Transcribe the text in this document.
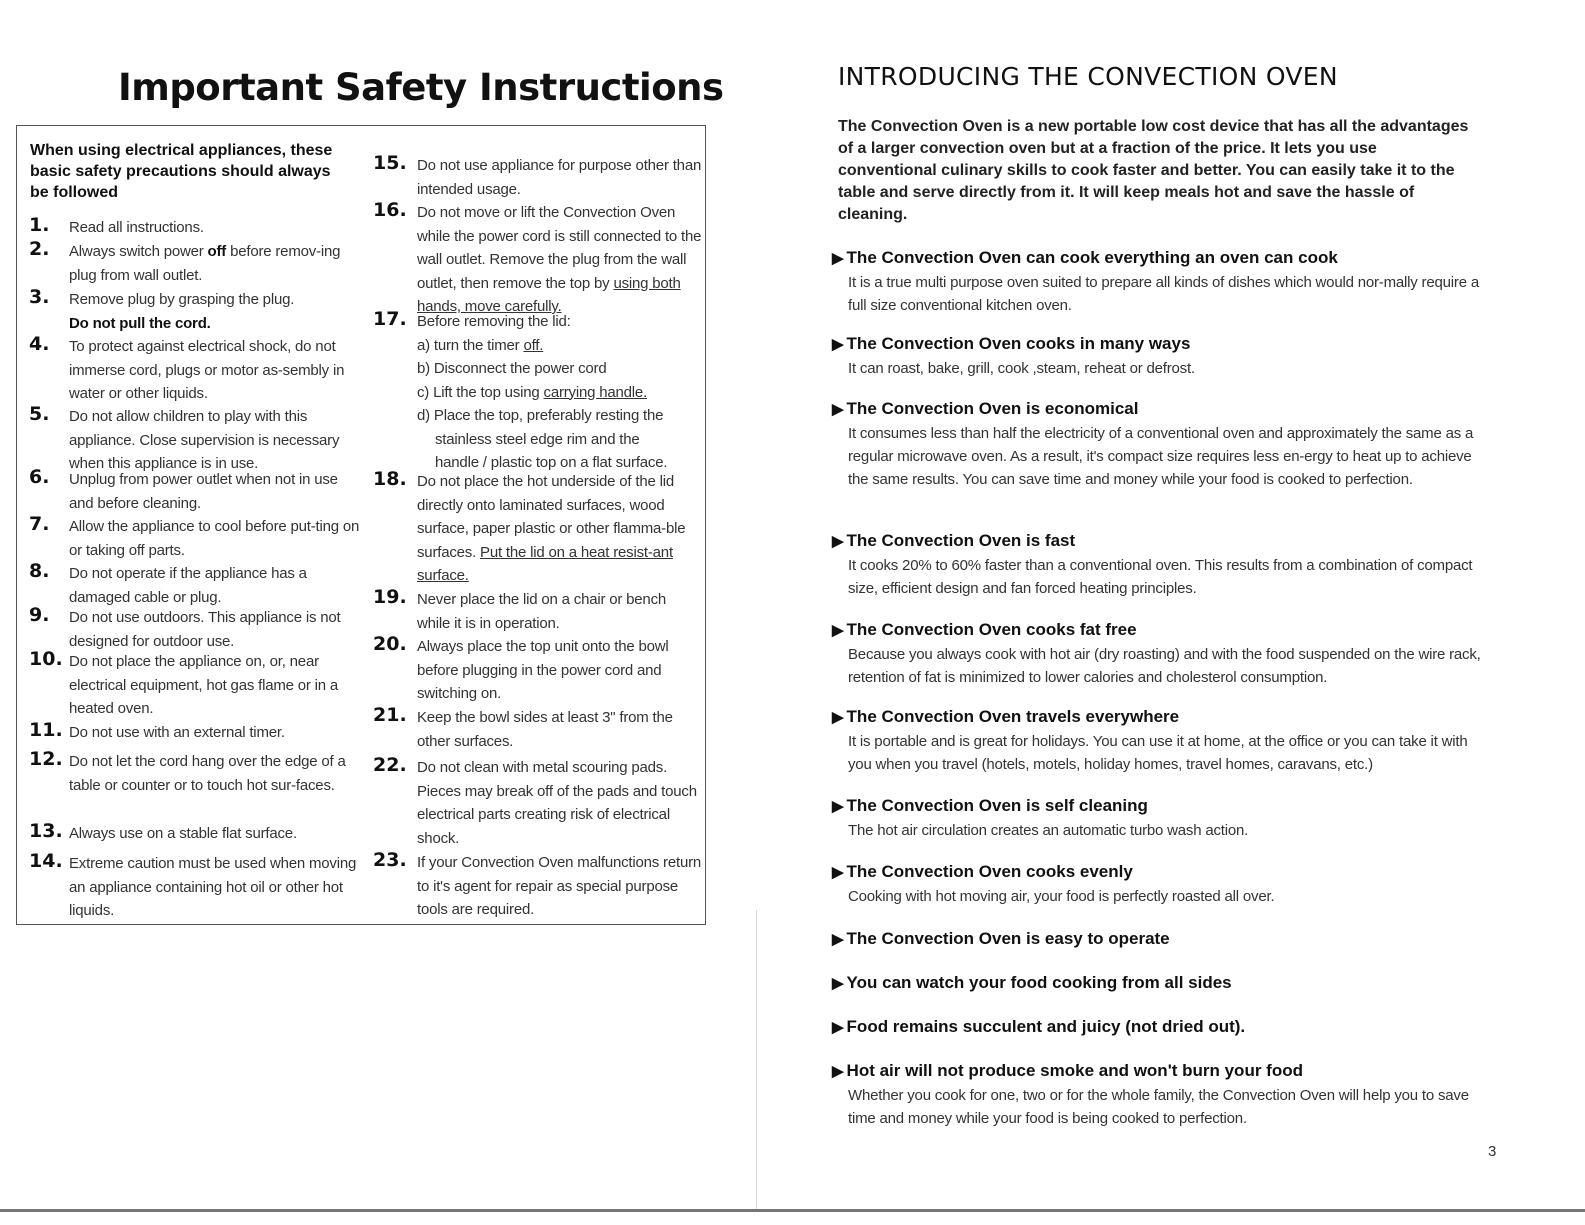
Important Safety Instructions
When using electrical appliances, these basic safety precautions should always be followed
1. Read all instructions.
2. Always switch power off before remov-ing plug from wall outlet.
3. Remove plug by grasping the plug.
Do not pull the cord.
4. To protect against electrical shock, do not immerse cord, plugs or motor as-sembly in water or other liquids.
5. Do not allow children to play with this appliance. Close supervision is necessary when this appliance is in use.
6. Unplug from power outlet when not in use and before cleaning.
7. Allow the appliance to cool before put-ting on or taking off parts.
8. Do not operate if the appliance has a damaged cable or plug.
9. Do not use outdoors. This appliance is not designed for outdoor use.
10. Do not place the appliance on, or, near electrical equipment, hot gas flame or in a heated oven.
11. Do not use with an external timer.
12. Do not let the cord hang over the edge of a table or counter or to touch hot sur-faces.
13. Always use on a stable flat surface.
14. Extreme caution must be used when moving an appliance containing hot oil or other hot liquids.
15. Do not use appliance for purpose other than intended usage.
16. Do not move or lift the Convection Oven while the power cord is still connected to the wall outlet. Remove the plug from the wall outlet, then remove the top by using both hands, move carefully.
17. Before removing the lid:
a) turn the timer off.
b) Disconnect the power cord
c) Lift the top using carrying handle.
d) Place the top, preferably resting the
stainless steel edge rim and the
handle / plastic top on a flat surface.
18. Do not place the hot underside of the lid directly onto laminated surfaces, wood surface, paper plastic or other flamma-ble surfaces. Put the lid on a heat resist-ant surface.
19. Never place the lid on a chair or bench while it is in operation.
20. Always place the top unit onto the bowl before plugging in the power cord and switching on.
21. Keep the bowl sides at least 3" from the other surfaces.
22. Do not clean with metal scouring pads. Pieces may break off of the pads and touch electrical parts creating risk of electrical shock.
23. If your Convection Oven malfunctions return to it's agent for repair as special purpose tools are required.
INTRODUCING THE CONVECTION OVEN

The Convection Oven is a new portable low cost device that has all the advantages of a larger convection oven but at a fraction of the price. It lets you use conventional culinary skills to cook faster and better. You can easily take it to the table and serve directly from it. It will keep meals hot and save the hassle of cleaning.

▶ The Convection Oven can cook everything an oven can cook
It is a true multi purpose oven suited to prepare all kinds of dishes which would nor-mally require a full size conventional kitchen oven.
▶ The Convection Oven cooks in many ways
It can roast, bake, grill, cook ,steam, reheat or defrost.
▶ The Convection Oven is economical
It consumes less than half the electricity of a conventional oven and approximately the same as a regular microwave oven. As a result, it's compact size requires less en-ergy to heat up to achieve the same results. You can save time and money while your food is cooked to perfection.
▶ The Convection Oven is fast
It cooks 20% to 60% faster than a conventional oven. This results from a combination of compact size, efficient design and fan forced heating principles.
▶ The Convection Oven cooks fat free
Because you always cook with hot air (dry roasting) and with the food suspended on the wire rack, retention of fat is minimized to lower calories and cholesterol consumption.
▶ The Convection Oven travels everywhere
It is portable and is great for holidays. You can use it at home, at the office or you can take it with you when you travel (hotels, motels, holiday homes, travel homes, caravans, etc.)
▶ The Convection Oven is self cleaning
The hot air circulation creates an automatic turbo wash action.
▶ The Convection Oven cooks evenly
Cooking with hot moving air, your food is perfectly roasted all over.
▶ The Convection Oven is easy to operate
▶ You can watch your food cooking from all sides
▶ Food remains succulent and juicy (not dried out).
▶ Hot air will not produce smoke and won't burn your food
Whether you cook for one, two or for the whole family, the Convection Oven will help you to save time and money while your food is being cooked to perfection.
3
